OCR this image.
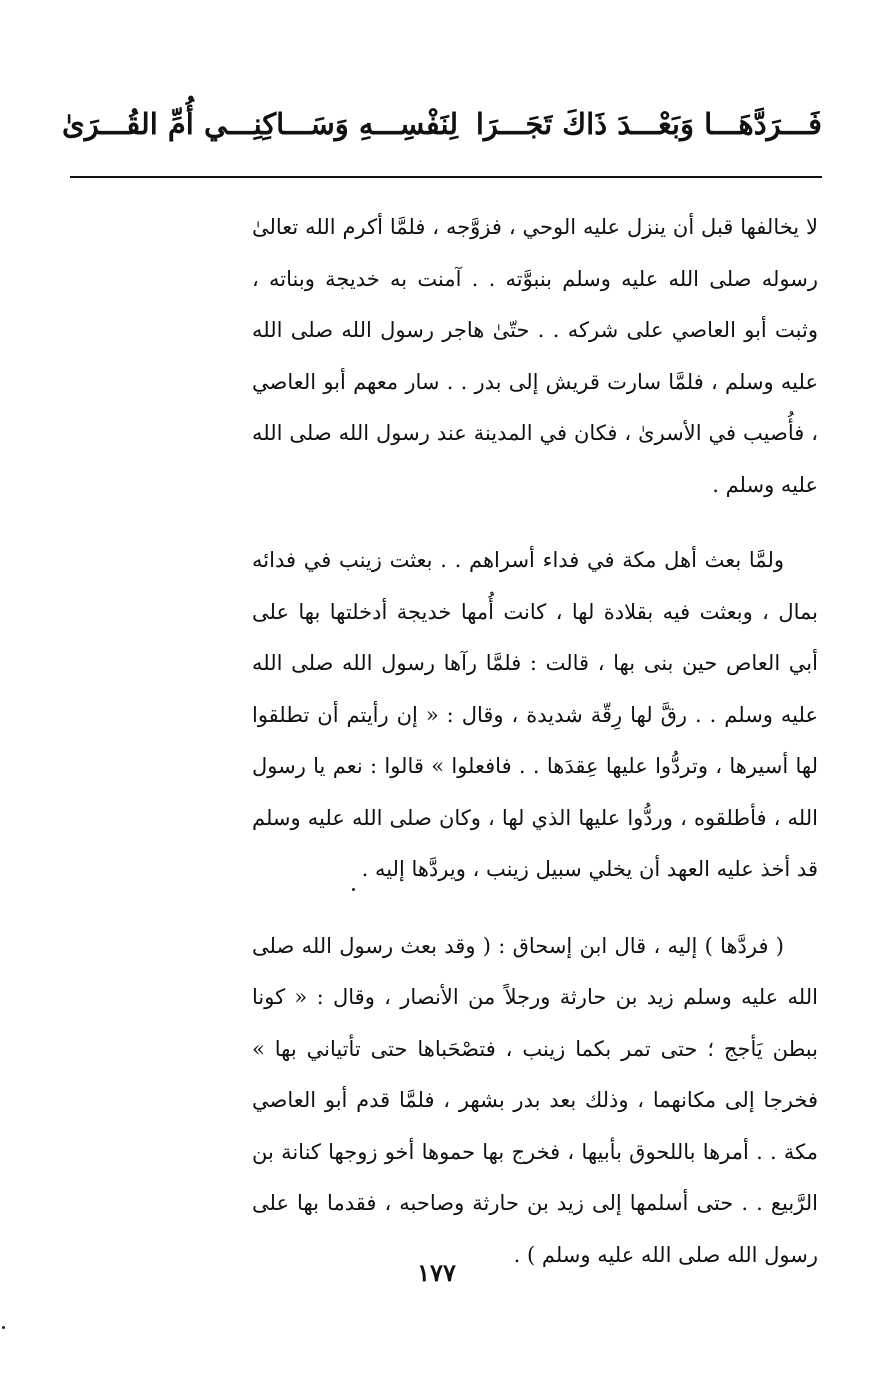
فَـــرَدَّهَـــا وَبَعْـــدَ ذَاكَ تَجَـــرَا
لِنَفْسِـــهِ وَسَـــاكِنِـــي أُمِّ القُـــرَىٰ

لا يخالفها قبل أن ينزل عليه الوحي ، فزوَّجه ، فلمَّا أكرم الله تعالىٰ رسوله صلى الله عليه وسلم بنبوَّته . . آمنت به خديجة وبناته ، وثبت أبو العاصي على شركه . . حتّىٰ هاجر رسول الله صلى الله عليه وسلم ، فلمَّا سارت قريش إلى بدر . . سار معهم أبو العاصي ، فأُصيب في الأسرىٰ ، فكان في المدينة عند رسول الله صلى الله عليه وسلم .

ولمَّا بعث أهل مكة في فداء أسراهم . . بعثت زينب في فدائه بمال ، وبعثت فيه بقلادة لها ، كانت أُمها خديجة أدخلتها بها على أبي العاص حين بنى بها ، قالت : فلمَّا رآها رسول الله صلى الله عليه وسلم . . رقَّ لها رِقّة شديدة ، وقال : « إن رأيتم أن تطلقوا لها أسيرها ، وتردُّوا عليها عِقدَها . . فافعلوا » قالوا : نعم يا رسول الله ، فأطلقوه ، وردُّوا عليها الذي لها ، وكان صلى الله عليه وسلم قد أخذ عليه العهد أن يخلي سبيل زينب ، ويردَّها إليه .

( فردَّها ) إليه ، قال ابن إسحاق : ( وقد بعث رسول الله صلى الله عليه وسلم زيد بن حارثة ورجلاً من الأنصار ، وقال : « كونا ببطن يَأجج ؛ حتى تمر بكما زينب ، فتصْحَباها حتى تأتياني بها » فخرجا إلى مكانهما ، وذلك بعد بدر بشهر ، فلمَّا قدم أبو العاصي مكة . . أمرها باللحوق بأبيها ، فخرج بها حموها أخو زوجها كنانة بن الرَّبيع . . حتى أسلمها إلى زيد بن حارثة وصاحبه ، فقدما بها على رسول الله صلى الله عليه وسلم ) .

١٧٧
